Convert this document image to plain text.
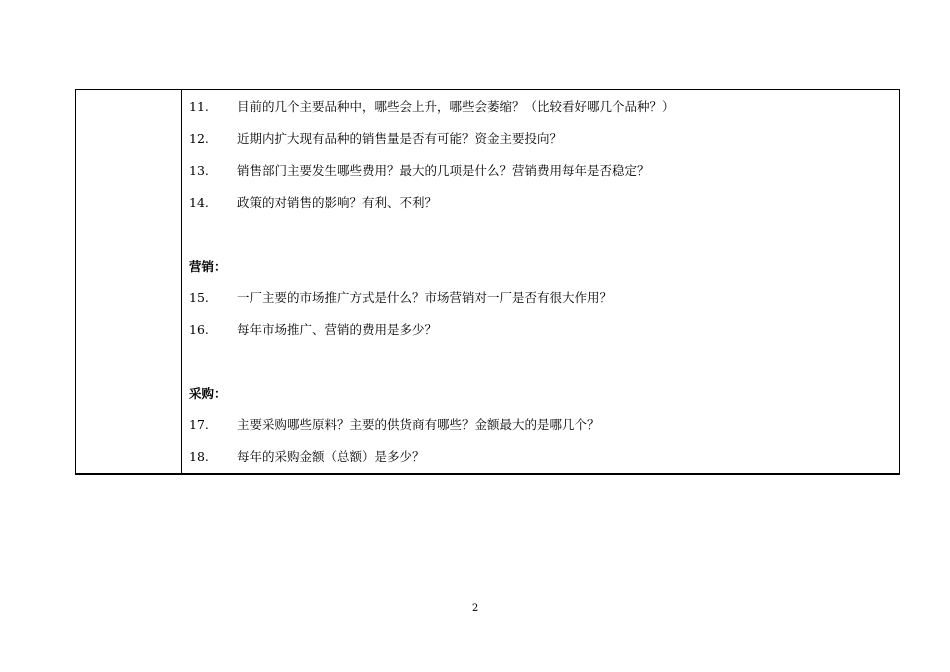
11. 目前的几个主要品种中，哪些会上升，哪些会萎缩？（比较看好哪几个品种？）
12. 近期内扩大现有品种的销售量是否有可能？资金主要投向？
13. 销售部门主要发生哪些费用？最大的几项是什么？营销费用每年是否稳定？
14. 政策的对销售的影响？有利、不利？
营销：
15. 一厂主要的市场推广方式是什么？市场营销对一厂是否有很大作用？
16. 每年市场推广、营销的费用是多少？
采购：
17. 主要采购哪些原料？主要的供货商有哪些？金额最大的是哪几个？
18. 每年的采购金额（总额）是多少？
2
